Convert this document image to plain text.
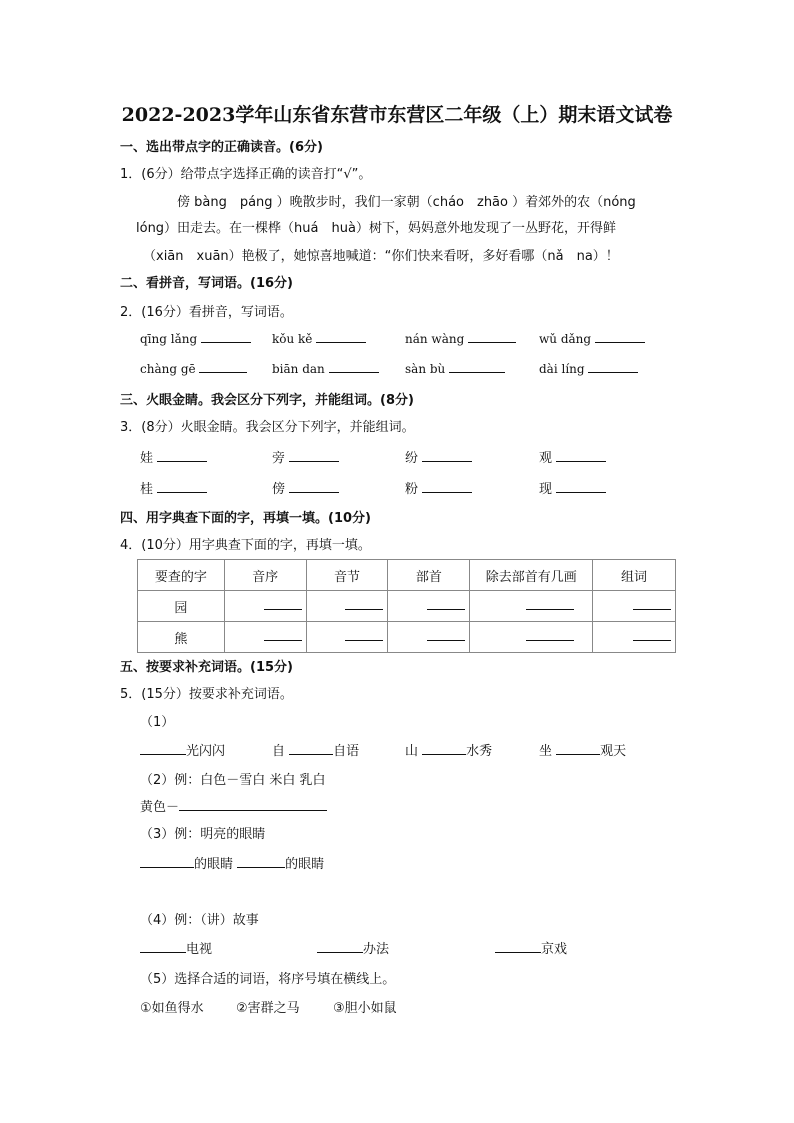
2022-2023学年山东省东营市东营区二年级（上）期末语文试卷
一、选出带点字的正确读音。(6分)
1．(6分）给带点字选择正确的读音打“√”。
傍 bàng　páng ）晚散步时，我们一家朝（cháo　zhāo ）着郊外的农（nóng
lóng）田走去。在一棵桦（huá　huà）树下，妈妈意外地发现了一丛野花，开得鲜
（xiān　xuān）艳极了，她惊喜地喊道：“你们快来看呀，多好看哪（nǎ　na）！
二、看拼音，写词语。(16分)
2．(16分）看拼音，写词语。
qīng lǎng	kǒu kě	nán wàng	wǔ dǎng
chàng gē	biān dan	sàn bù	dài líng
三、火眼金睛。我会区分下列字，并能组词。(8分)
3．(8分）火眼金睛。我会区分下列字，并能组词。
娃	旁	纷	观
桂	傍	粉	现
四、用字典查下面的字，再填一填。(10分)
4．(10分）用字典查下面的字，再填一填。
要查的字	音序	音节	部首	除去部首有几画	组词
园					
熊					
五、按要求补充词语。(15分)
5．(15分）按要求补充词语。
（1）
光闪闪	自	自语	山	水秀	坐	观天
（2）例：白色－雪白 米白 乳白
黄色－
（3）例：明亮的眼睛
的眼睛	的眼睛
（4）例：（讲）故事
电视	办法	京戏
（5）选择合适的词语，将序号填在横线上。
①如鱼得水 ②害群之马	③胆小如鼠
